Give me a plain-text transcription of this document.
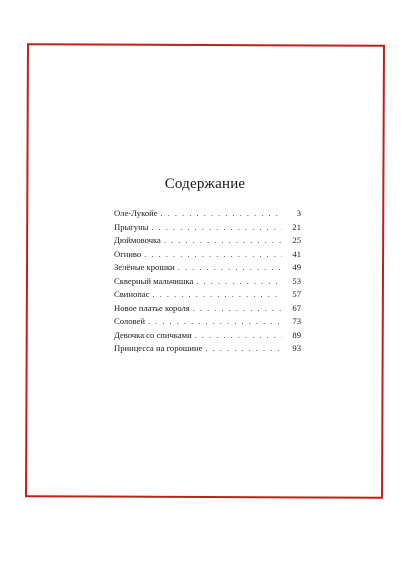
Содержание
Оле-Лукойе . . .	3
Прыгуны . . .	21
Дюймовочка . . .	25
Огниво . . .	41
Зелёные крошки . . .	49
Скверный мальчишка . . .	53
Свинопас . . .	57
Новое платье короля . . .	67
Соловей . . .	73
Девочка со спичками . . .	89
Принцесса на горошине . . .	93
